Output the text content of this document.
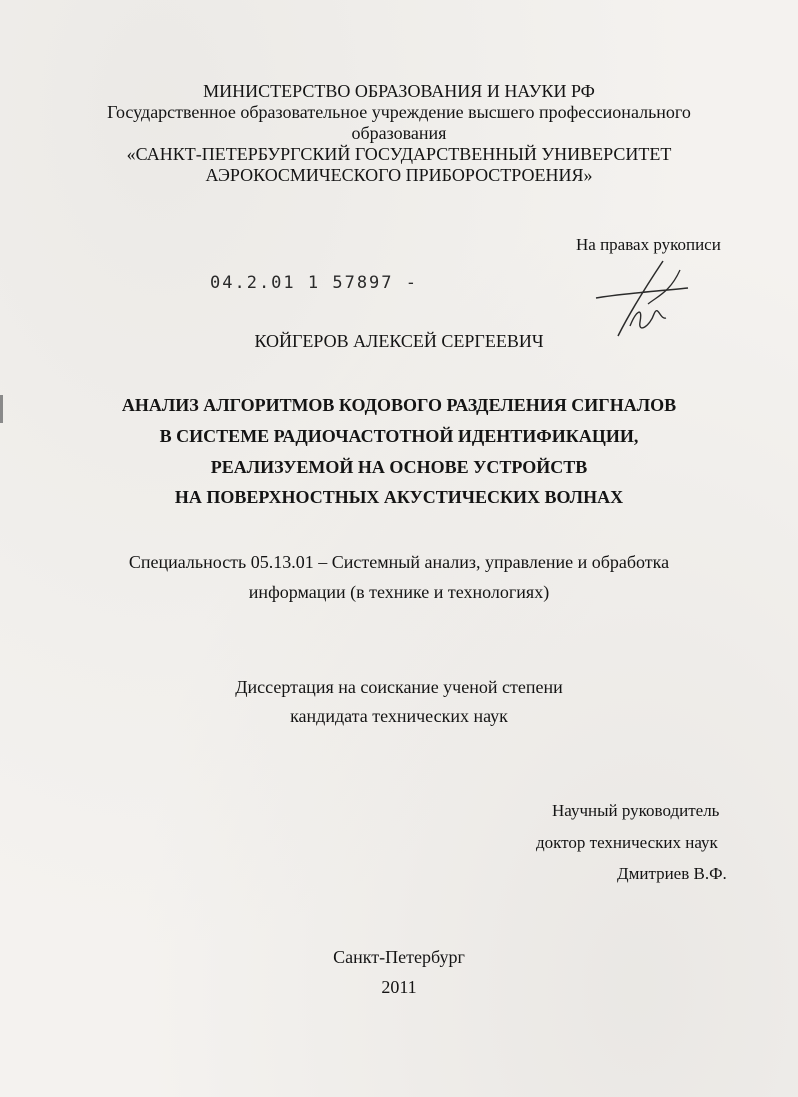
МИНИСТЕРСТВО ОБРАЗОВАНИЯ И НАУКИ РФ
Государственное образовательное учреждение высшего профессионального
образования
«САНКТ-ПЕТЕРБУРГСКИЙ ГОСУДАРСТВЕННЫЙ УНИВЕРСИТЕТ
АЭРОКОСМИЧЕСКОГО ПРИБОРОСТРОЕНИЯ»
На правах рукописи
04.2.01 1 57897 -
КОЙГЕРОВ АЛЕКСЕЙ СЕРГЕЕВИЧ
АНАЛИЗ АЛГОРИТМОВ КОДОВОГО РАЗДЕЛЕНИЯ СИГНАЛОВ
В СИСТЕМЕ РАДИОЧАСТОТНОЙ ИДЕНТИФИКАЦИИ,
РЕАЛИЗУЕМОЙ НА ОСНОВЕ УСТРОЙСТВ
НА ПОВЕРХНОСТНЫХ АКУСТИЧЕСКИХ ВОЛНАХ
Специальность 05.13.01 – Системный анализ, управление и обработка
информации (в технике и технологиях)
Диссертация на соискание ученой степени
кандидата технических наук
Научный руководитель
доктор технических наук
Дмитриев В.Ф.
Санкт-Петербург
2011
